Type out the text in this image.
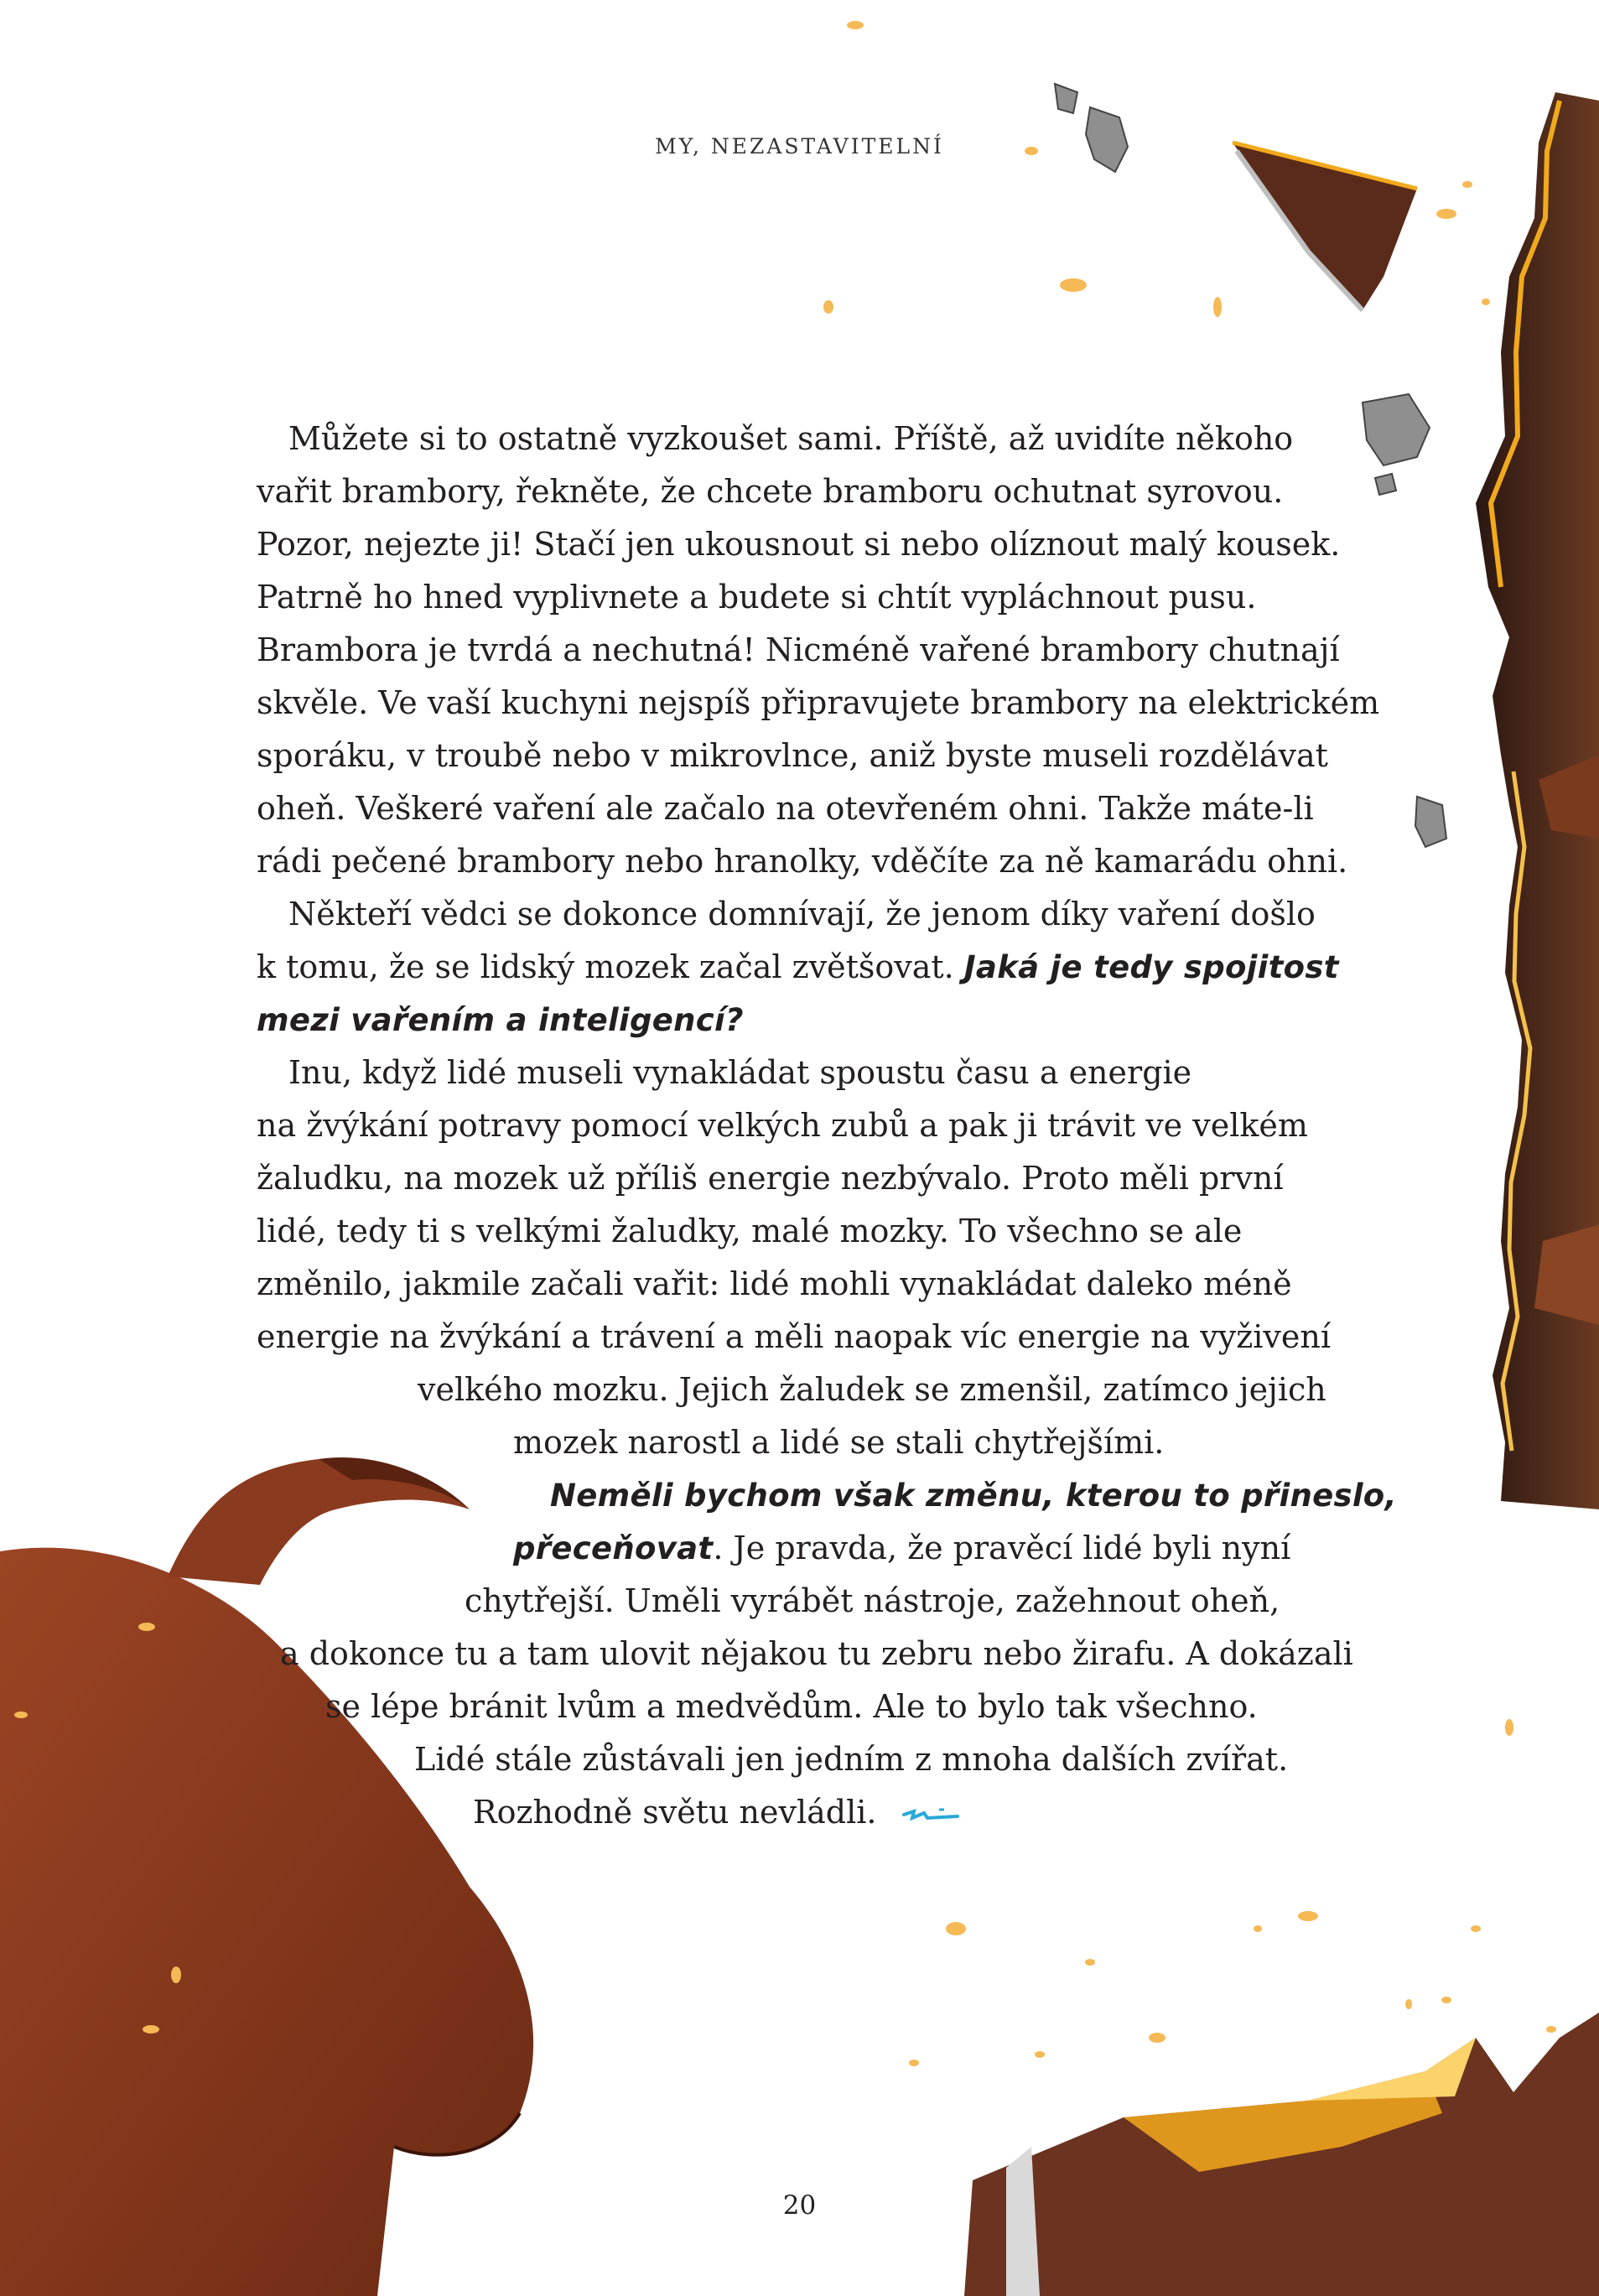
MY, NEZASTAVITELNÍ
Můžete si to ostatně vyzkoušet sami. Příště, až uvidíte někoho
vařit brambory, řekněte, že chcete bramboru ochutnat syrovou.
Pozor, nejezte ji! Stačí jen ukousnout si nebo olíznout malý kousek.
Patrně ho hned vyplivnete a budete si chtít vypláchnout pusu.
Brambora je tvrdá a nechutná! Nicméně vařené brambory chutnají
skvěle. Ve vaší kuchyni nejspíš připravujete brambory na elektrickém
sporáku, v troubě nebo v mikrovlnce, aniž byste museli rozdělávat
oheň. Veškeré vaření ale začalo na otevřeném ohni. Takže máte-li
rádi pečené brambory nebo hranolky, vděčíte za ně kamarádu ohni.
Někteří vědci se dokonce domnívají, že jenom díky vaření došlo
k tomu, že se lidský mozek začal zvětšovat. Jaká je tedy spojitost
mezi vařením a inteligencí?
Inu, když lidé museli vynakládat spoustu času a energie
na žvýkání potravy pomocí velkých zubů a pak ji trávit ve velkém
žaludku, na mozek už příliš energie nezbývalo. Proto měli první
lidé, tedy ti s velkými žaludky, malé mozky. To všechno se ale
změnilo, jakmile začali vařit: lidé mohli vynakládat daleko méně
energie na žvýkání a trávení a měli naopak víc energie na vyživení
velkého mozku. Jejich žaludek se zmenšil, zatímco jejich
mozek narostl a lidé se stali chytřejšími.
Neměli bychom však změnu, kterou to přineslo,
přeceňovat. Je pravda, že pravěcí lidé byli nyní
chytřejší. Uměli vyrábět nástroje, zažehnout oheň,
a dokonce tu a tam ulovit nějakou tu zebru nebo žirafu. A dokázali
se lépe bránit lvům a medvědům. Ale to bylo tak všechno.
Lidé stále zůstávali jen jedním z mnoha dalších zvířat.
Rozhodně světu nevládli.
20
